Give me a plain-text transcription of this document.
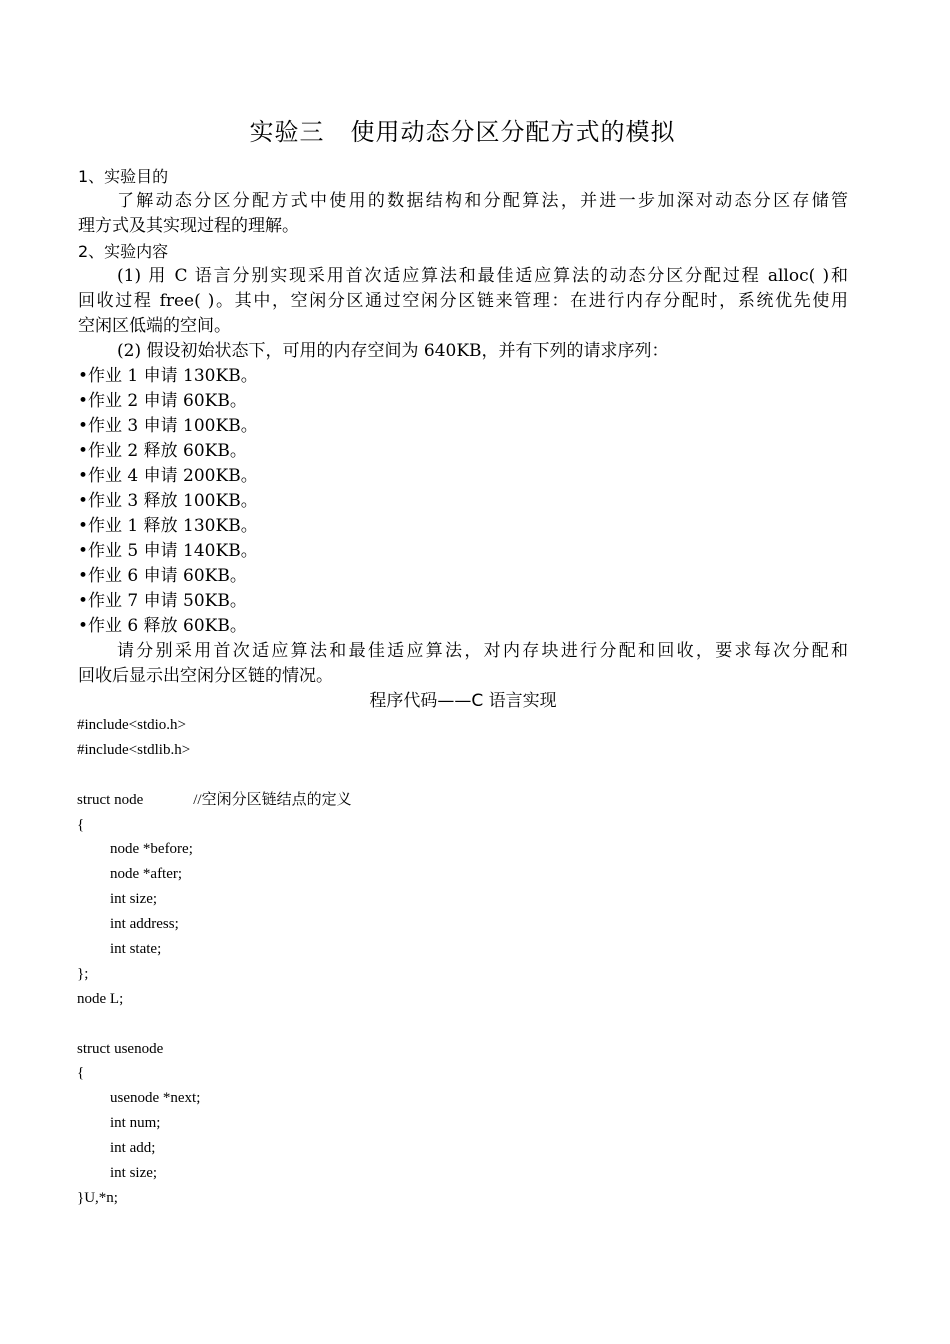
实验三 使用动态分区分配方式的模拟
1、实验目的
了解动态分区分配方式中使用的数据结构和分配算法，并进一步加深对动态分区存储管
理方式及其实现过程的理解。
2、实验内容
(1) 用 C 语言分别实现采用首次适应算法和最佳适应算法的动态分区分配过程 alloc( )和
回收过程 free( )。其中，空闲分区通过空闲分区链来管理：在进行内存分配时，系统优先使用
空闲区低端的空间。
(2) 假设初始状态下，可用的内存空间为 640KB，并有下列的请求序列：
•作业 1 申请 130KB。
•作业 2 申请 60KB。
•作业 3 申请 100KB。
•作业 2 释放 60KB。
•作业 4 申请 200KB。
•作业 3 释放 100KB。
•作业 1 释放 130KB。
•作业 5 申请 140KB。
•作业 6 申请 60KB。
•作业 7 申请 50KB。
•作业 6 释放 60KB。
请分别采用首次适应算法和最佳适应算法，对内存块进行分配和回收，要求每次分配和
回收后显示出空闲分区链的情况。
程序代码——C 语言实现
#include<stdio.h>
#include<stdlib.h>
struct node	//空闲分区链结点的定义
{
node *before;
node *after;
int size;
int address;
int state;
};
node L;
struct usenode
{
usenode *next;
int num;
int add;
int size;
}U,*n;
